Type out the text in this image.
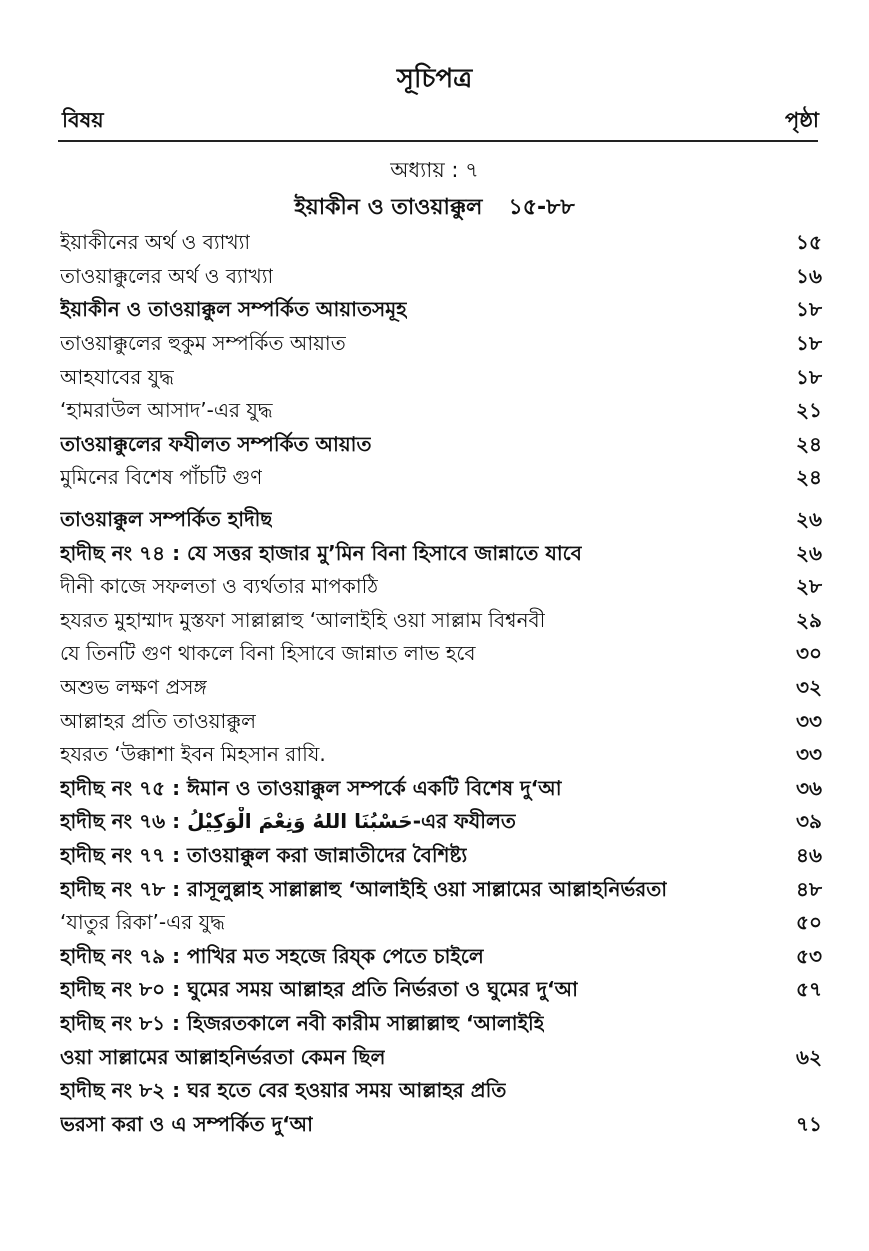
সূচিপত্র
বিষয়	পৃষ্ঠা
অধ্যায় : ৭
ইয়াকীন ও তাওয়াক্কুল ১৫-৮৮
ইয়াকীনের অর্থ ও ব্যাখ্যা	১৫
তাওয়াক্কুলের অর্থ ও ব্যাখ্যা	১৬
ইয়াকীন ও তাওয়াক্কুল সম্পর্কিত আয়াতসমূহ	১৮
তাওয়াক্কুলের হুকুম সম্পর্কিত আয়াত	১৮
আহযাবের যুদ্ধ	১৮
‘হামরাউল আসাদ’-এর যুদ্ধ	২১
তাওয়াক্কুলের ফযীলত সম্পর্কিত আয়াত	২৪
মুমিনের বিশেষ পাঁচটি গুণ	২৪
তাওয়াক্কুল সম্পর্কিত হাদীছ	২৬
হাদীছ নং ৭৪ : যে সত্তর হাজার মু’মিন বিনা হিসাবে জান্নাতে যাবে	২৬
দীনী কাজে সফলতা ও ব্যর্থতার মাপকাঠি	২৮
হযরত মুহাম্মাদ মুস্তফা সাল্লাল্লাহু ‘আলাইহি ওয়া সাল্লাম বিশ্বনবী	২৯
যে তিনটি গুণ থাকলে বিনা হিসাবে জান্নাত লাভ হবে	৩০
অশুভ লক্ষণ প্রসঙ্গ	৩২
আল্লাহর প্রতি তাওয়াক্কুল	৩৩
হযরত ‘উক্কাশা ইবন মিহসান রাযি.	৩৩
হাদীছ নং ৭৫ : ঈমান ও তাওয়াক্কুল সম্পর্কে একটি বিশেষ দু‘আ	৩৬
হাদীছ নং ৭৬ : حَسْبُنَا اللهُ وَنِعْمَ الْوَكِيْلُ-এর ফযীলত	৩৯
হাদীছ নং ৭৭ : তাওয়াক্কুল করা জান্নাতীদের বৈশিষ্ট্য	৪৬
হাদীছ নং ৭৮ : রাসূলুল্লাহ সাল্লাল্লাহু ‘আলাইহি ওয়া সাল্লামের আল্লাহনির্ভরতা	৪৮
‘যাতুর রিকা’-এর যুদ্ধ	৫০
হাদীছ নং ৭৯ : পাখির মত সহজে রিয্ক পেতে চাইলে	৫৩
হাদীছ নং ৮০ : ঘুমের সময় আল্লাহর প্রতি নির্ভরতা ও ঘুমের দু‘আ	৫৭
হাদীছ নং ৮১ : হিজরতকালে নবী কারীম সাল্লাল্লাহু ‘আলাইহি
ওয়া সাল্লামের আল্লাহনির্ভরতা কেমন ছিল	৬২
হাদীছ নং ৮২ : ঘর হতে বের হওয়ার সময় আল্লাহর প্রতি
ভরসা করা ও এ সম্পর্কিত দু‘আ	৭১
